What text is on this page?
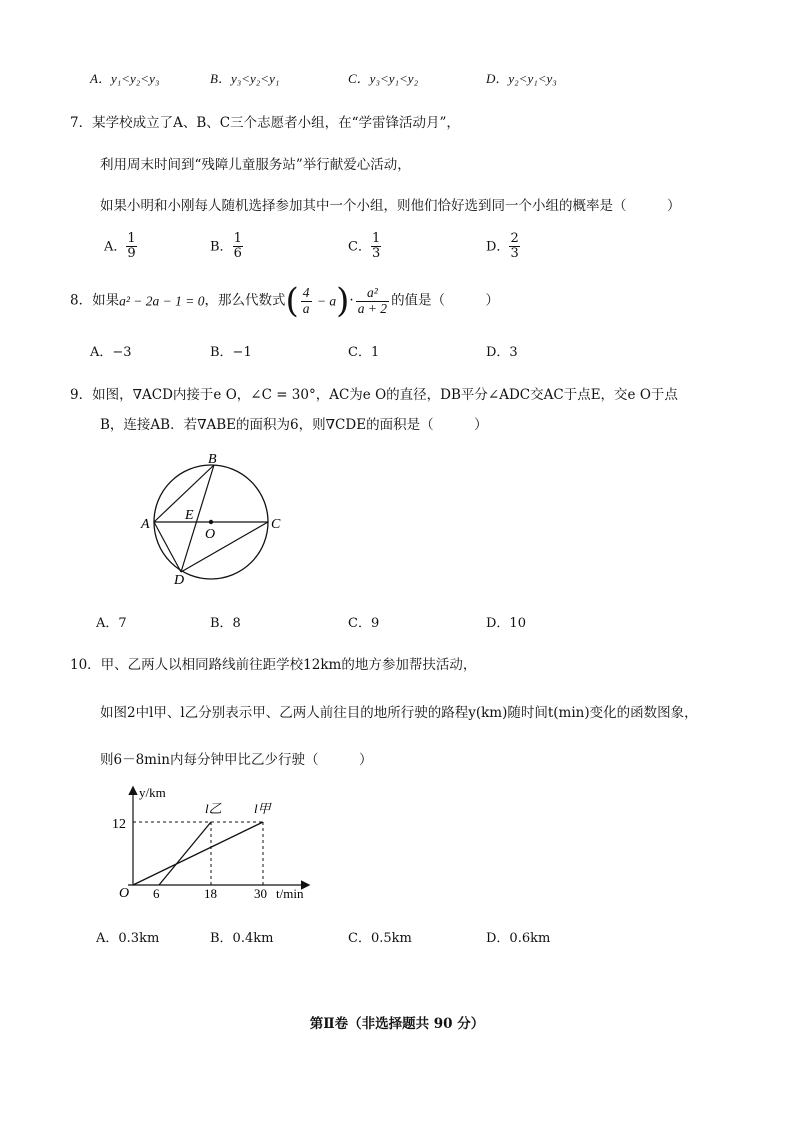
A．y₁<y₂<y₃	B．y₃<y₂<y₁	C．y₃<y₁<y₂	D．y₂<y₁<y₃
7．某学校成立了A、B、C三个志愿者小组，在“学雷锋活动月”，
利用周末时间到“残障儿童服务站”举行献爱心活动，
如果小明和小刚每人随机选择参加其中一个小组，则他们恰好选到同一个小组的概率是（　　　）
A． $\frac{1}{9}$	B． $\frac{1}{6}$	C． $\frac{1}{3}$	D． $\frac{2}{3}$
8．如果a² − 2a − 1 = 0，那么代数式( $\frac{4}{a} - a)\cdot \frac{\text{a²}}{a + 2}$ 的值是（　　　）
A．−3	B．−1	C．1	D．3
9．如图，∇ACD内接于e O，∠C = 30°，AC为e O的直径，DB平分∠ADC交AC于点E，交e O于点
B，连接AB．若∇ABE的面积为6，则∇CDE的面积是（　　　）
B
A	C
D
E
O
A．7	B．8	C．9	D．10
10．甲、乙两人以相同路线前往距学校12km的地方参加帮扶活动，
如图2中l甲、l乙分别表示甲、乙两人前往目的地所行驶的路程y(km)随时间t(min)变化的函数图象，
则6－8min内每分钟甲比乙少行驶（　　　）
y/km
t/min
O
12
6	18	30
l乙 l甲
A．0.3km	B．0.4km	C．0.5km	D．0.6km
第Ⅱ卷（非选择题共 90 分）
